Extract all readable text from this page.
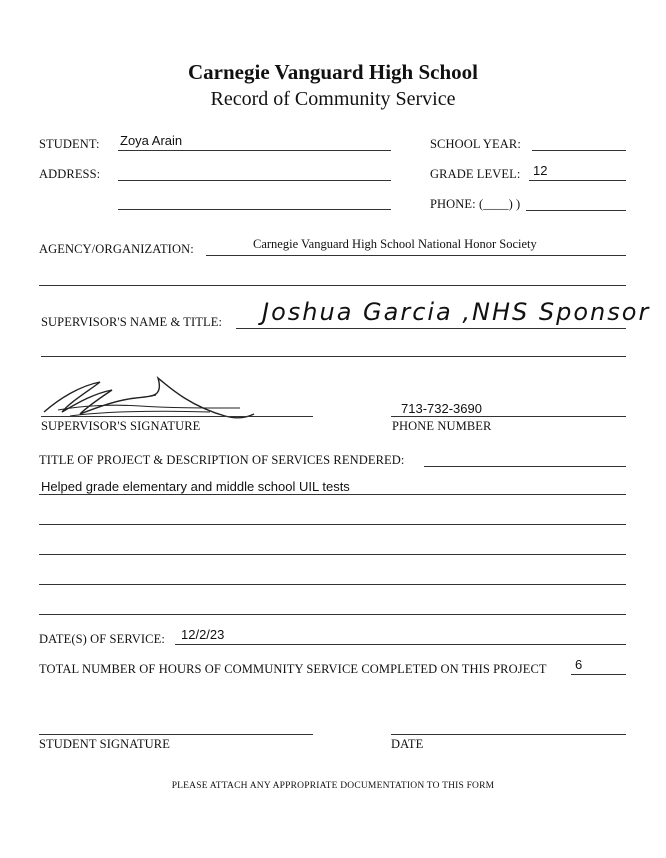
Carnegie Vanguard High School
Record of Community Service
STUDENT: Zoya Arain	SCHOOL YEAR:
ADDRESS:	GRADE LEVEL: 12
PHONE: (____) )
AGENCY/ORGANIZATION:	Carnegie Vanguard High School National Honor Society
SUPERVISOR'S NAME & TITLE: Joshua Garcia ,NHS Sponsor
SUPERVISOR'S SIGNATURE
713-732-3690
PHONE NUMBER
TITLE OF PROJECT & DESCRIPTION OF SERVICES RENDERED:
Helped grade elementary and middle school UIL tests
DATE(S) OF SERVICE: 12/2/23
TOTAL NUMBER OF HOURS OF COMMUNITY SERVICE COMPLETED ON THIS PROJECT 6
STUDENT SIGNATURE	DATE
PLEASE ATTACH ANY APPROPRIATE DOCUMENTATION TO THIS FORM
